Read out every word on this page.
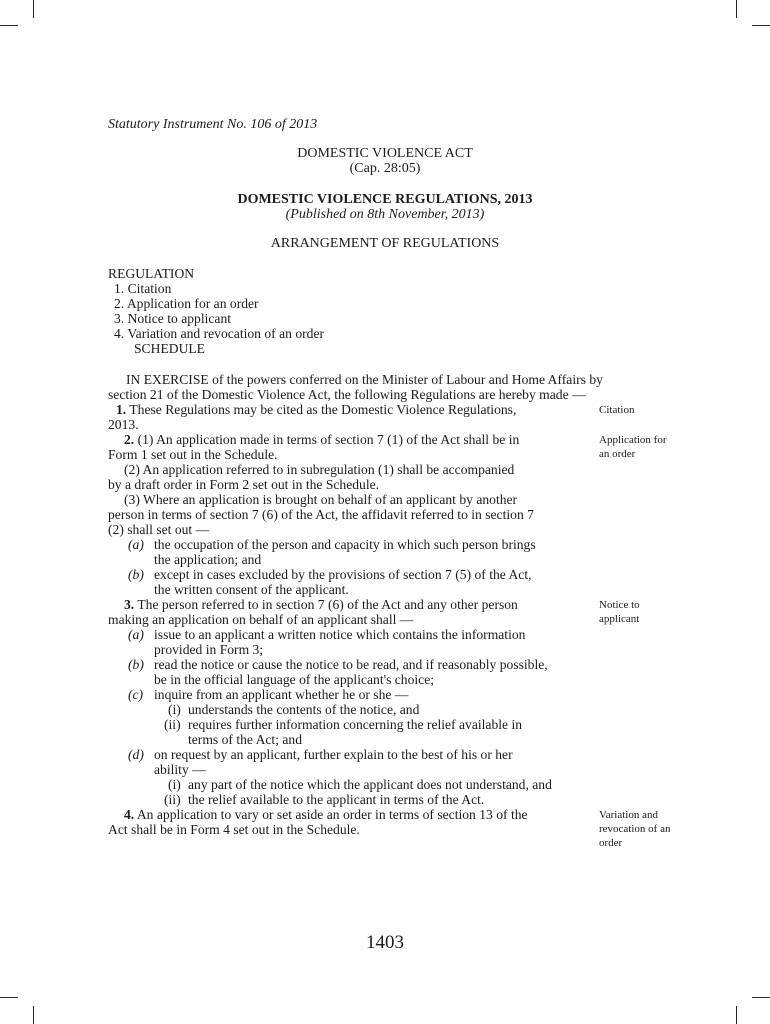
Statutory Instrument No. 106 of 2013
DOMESTIC VIOLENCE ACT
(Cap. 28:05)
DOMESTIC VIOLENCE REGULATIONS, 2013
(Published on 8th November, 2013)
ARRANGEMENT OF REGULATIONS
REGULATION
1. Citation
2. Application for an order
3. Notice to applicant
4. Variation and revocation of an order
SCHEDULE
IN EXERCISE of the powers conferred on the Minister of Labour and Home Affairs by
section 21 of the Domestic Violence Act, the following Regulations are hereby made —
1. These Regulations may be cited as the Domestic Violence Regulations,
2013.
Citation
2. (1) An application made in terms of section 7 (1) of the Act shall be in
Form 1 set out in the Schedule.
(2) An application referred to in subregulation (1) shall be accompanied
by a draft order in Form 2 set out in the Schedule.
(3) Where an application is brought on behalf of an applicant by another
person in terms of section 7 (6) of the Act, the affidavit referred to in section 7
(2) shall set out —
(a) the occupation of the person and capacity in which such person brings
the application; and
(b) except in cases excluded by the provisions of section 7 (5) of the Act,
the written consent of the applicant.
Application for an order
3. The person referred to in section 7 (6) of the Act and any other person
making an application on behalf of an applicant shall —
(a) issue to an applicant a written notice which contains the information
provided in Form 3;
(b) read the notice or cause the notice to be read, and if reasonably possible,
be in the official language of the applicant's choice;
(c) inquire from an applicant whether he or she —
(i) understands the contents of the notice, and
(ii) requires further information concerning the relief available in
terms of the Act; and
(d) on request by an applicant, further explain to the best of his or her
ability —
(i) any part of the notice which the applicant does not understand, and
(ii) the relief available to the applicant in terms of the Act.
Notice to applicant
4. An application to vary or set aside an order in terms of section 13 of the
Act shall be in Form 4 set out in the Schedule.
Variation and revocation of an order
1403
